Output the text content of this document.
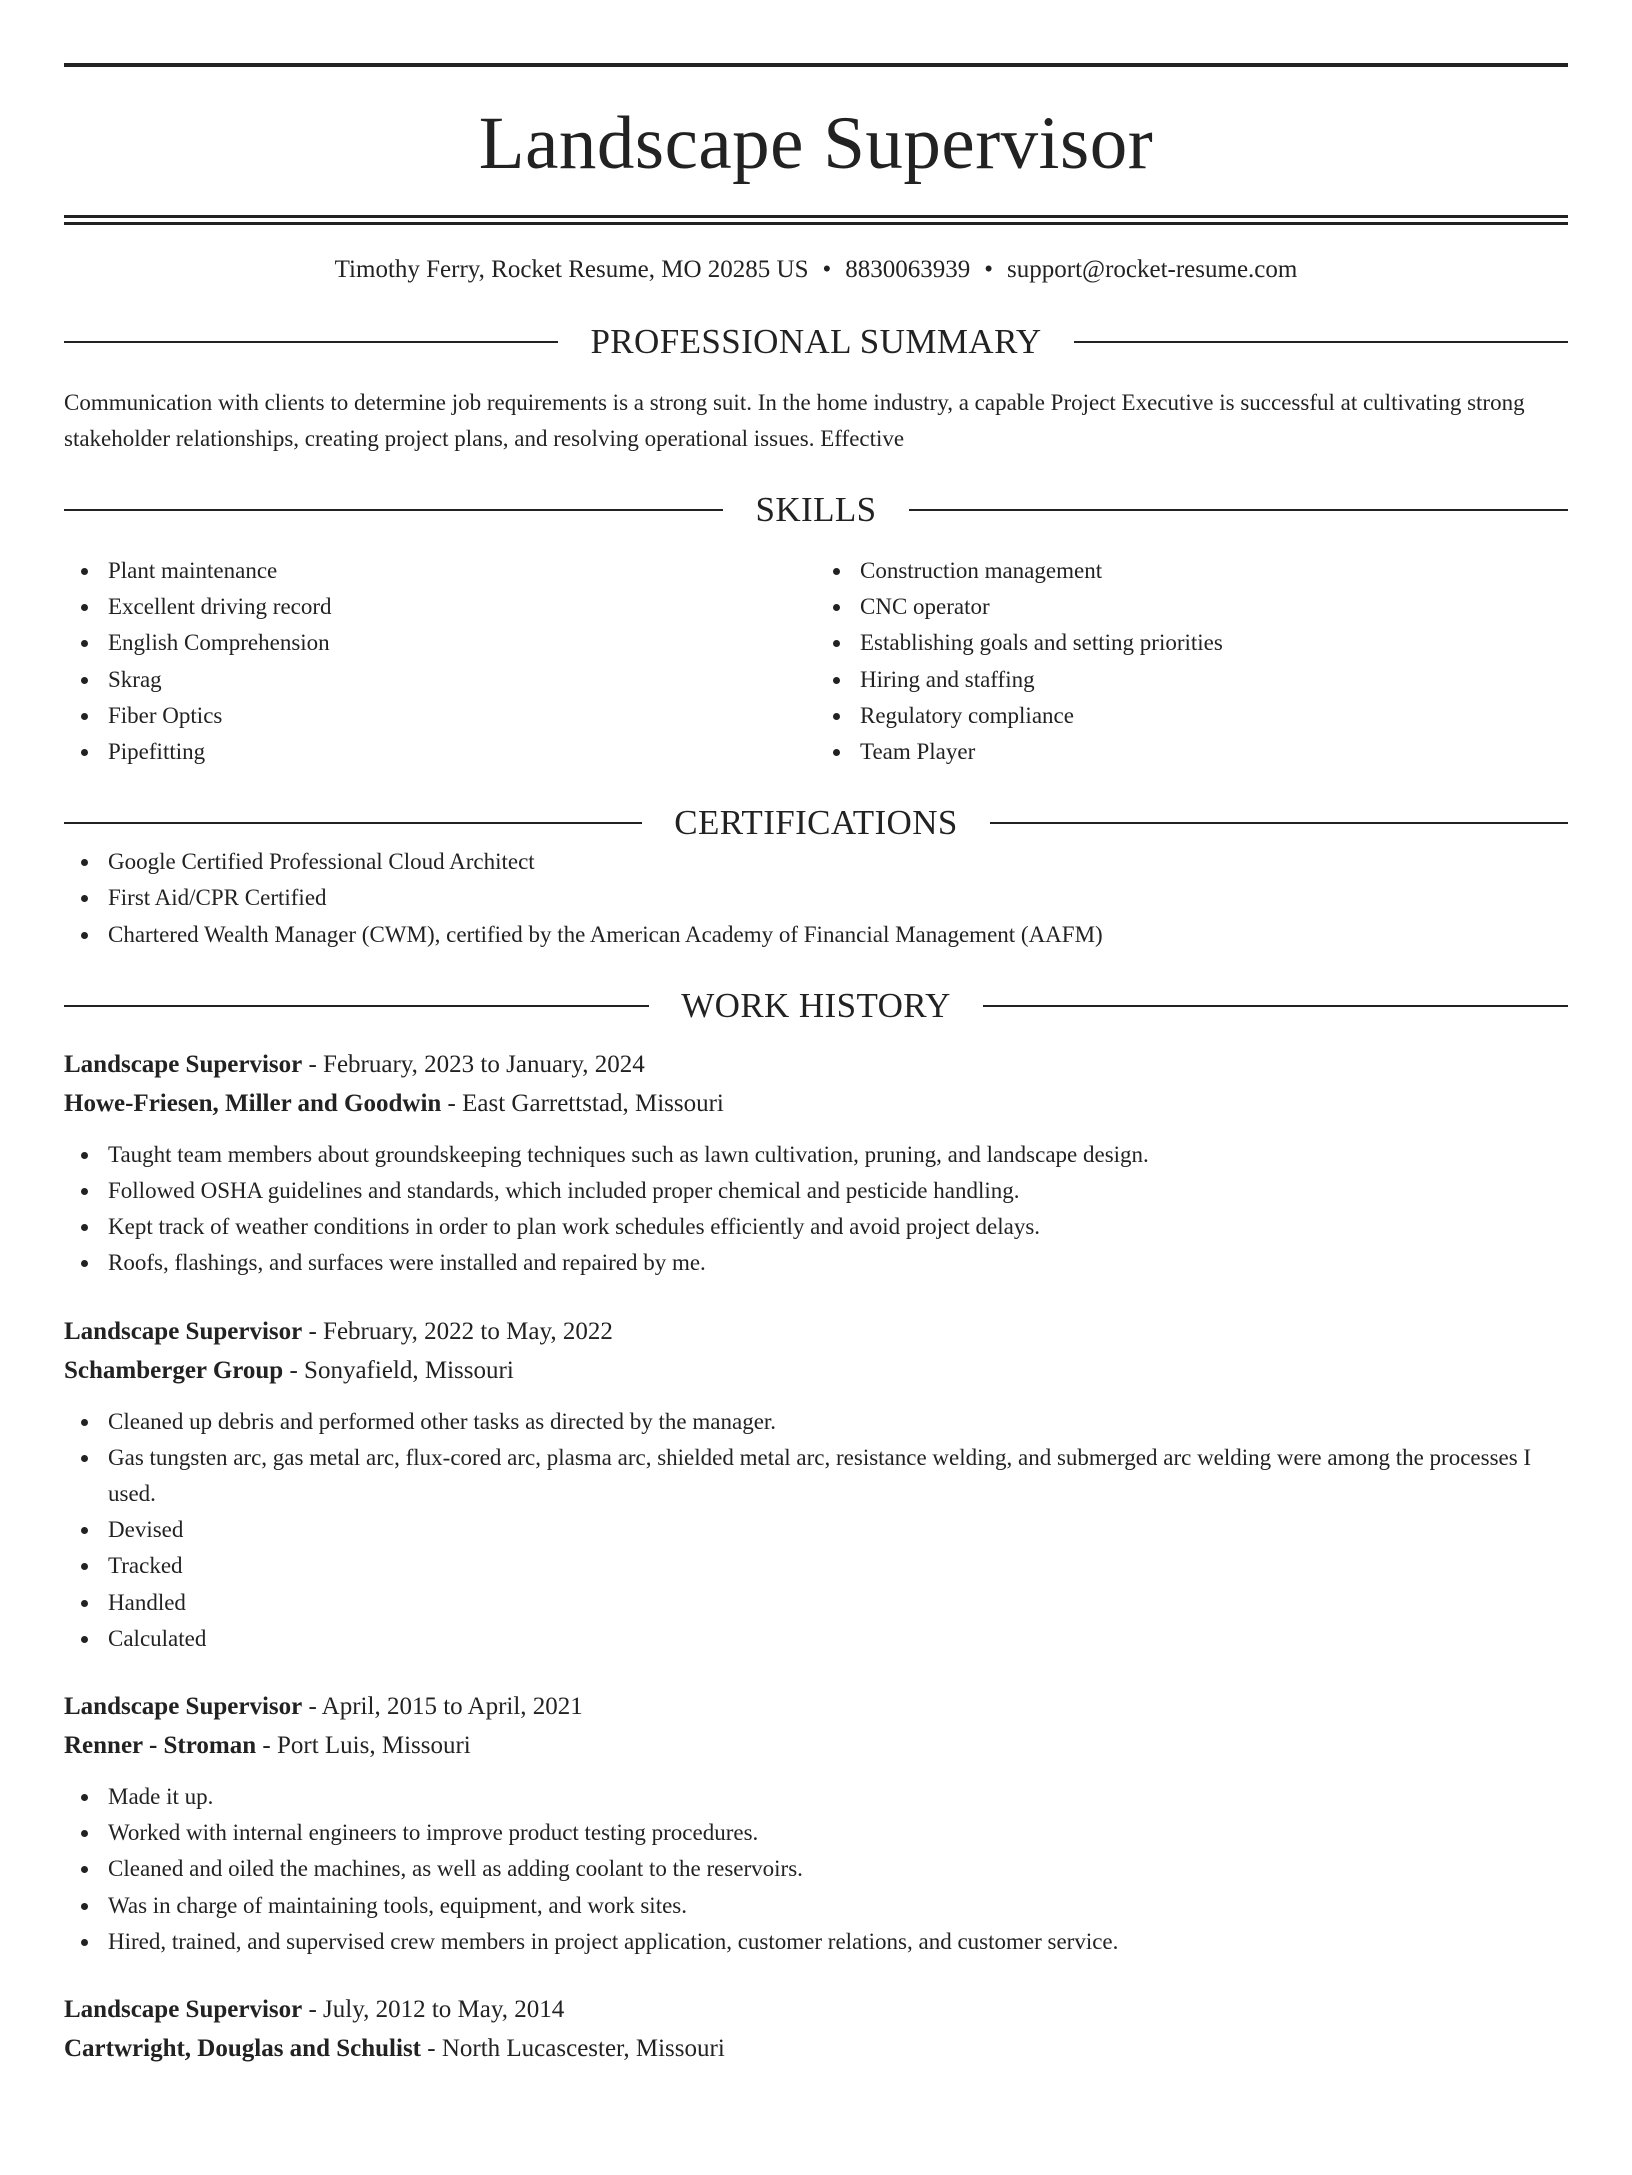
Landscape Supervisor
Timothy Ferry, Rocket Resume, MO 20285 US • 8830063939 • support@rocket-resume.com
PROFESSIONAL SUMMARY
Communication with clients to determine job requirements is a strong suit. In the home industry, a capable Project Executive is successful at cultivating strong stakeholder relationships, creating project plans, and resolving operational issues. Effective
SKILLS
Plant maintenance
Excellent driving record
English Comprehension
Skrag
Fiber Optics
Pipefitting
Construction management
CNC operator
Establishing goals and setting priorities
Hiring and staffing
Regulatory compliance
Team Player
CERTIFICATIONS
Google Certified Professional Cloud Architect
First Aid/CPR Certified
Chartered Wealth Manager (CWM), certified by the American Academy of Financial Management (AAFM)
WORK HISTORY
Landscape Supervisor - February, 2023 to January, 2024
Howe-Friesen, Miller and Goodwin - East Garrettstad, Missouri
Taught team members about groundskeeping techniques such as lawn cultivation, pruning, and landscape design.
Followed OSHA guidelines and standards, which included proper chemical and pesticide handling.
Kept track of weather conditions in order to plan work schedules efficiently and avoid project delays.
Roofs, flashings, and surfaces were installed and repaired by me.
Landscape Supervisor - February, 2022 to May, 2022
Schamberger Group - Sonyafield, Missouri
Cleaned up debris and performed other tasks as directed by the manager.
Gas tungsten arc, gas metal arc, flux-cored arc, plasma arc, shielded metal arc, resistance welding, and submerged arc welding were among the processes I used.
Devised
Tracked
Handled
Calculated
Landscape Supervisor - April, 2015 to April, 2021
Renner - Stroman - Port Luis, Missouri
Made it up.
Worked with internal engineers to improve product testing procedures.
Cleaned and oiled the machines, as well as adding coolant to the reservoirs.
Was in charge of maintaining tools, equipment, and work sites.
Hired, trained, and supervised crew members in project application, customer relations, and customer service.
Landscape Supervisor - July, 2012 to May, 2014
Cartwright, Douglas and Schulist - North Lucascester, Missouri
